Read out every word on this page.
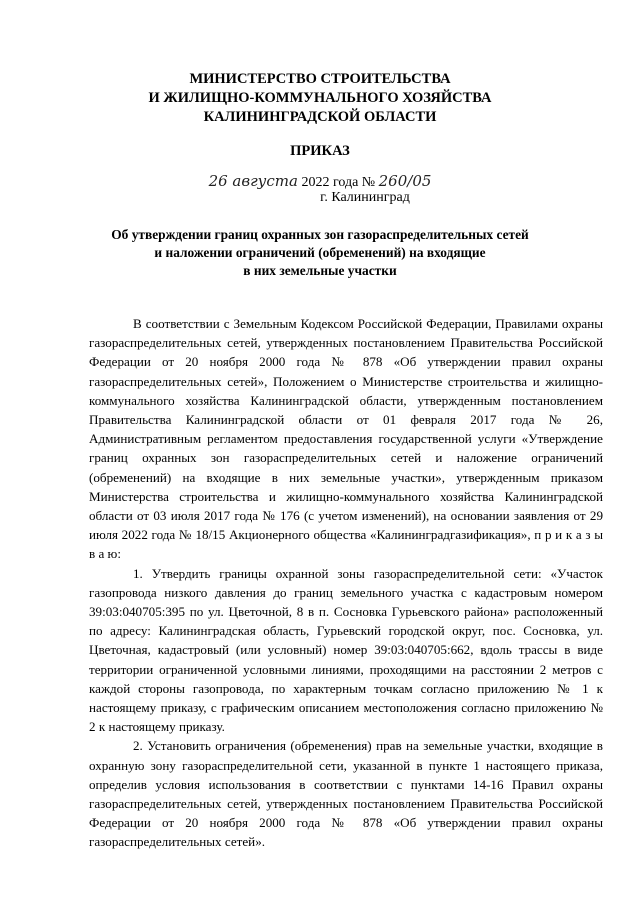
МИНИСТЕРСТВО СТРОИТЕЛЬСТВА
И ЖИЛИЩНО-КОММУНАЛЬНОГО ХОЗЯЙСТВА
КАЛИНИНГРАДСКОЙ ОБЛАСТИ
ПРИКАЗ
26 августа 2022 года № 260/05
г. Калининград
Об утверждении границ охранных зон газораспределительных сетей
и наложении ограничений (обременений) на входящие
в них земельные участки

В соответствии с Земельным Кодексом Российской Федерации, Правилами охраны газораспределительных сетей, утвержденных постановлением Правительства Российской Федерации от 20 ноября 2000 года № 878 «Об утверждении правил охраны газораспределительных сетей», Положением о Министерстве строительства и жилищно-коммунального хозяйства Калининградской области, утвержденным постановлением Правительства Калининградской области от 01 февраля 2017 года № 26, Административным регламентом предоставления государственной услуги «Утверждение границ охранных зон газораспределительных сетей и наложение ограничений (обременений) на входящие в них земельные участки», утвержденным приказом Министерства строительства и жилищно-коммунального хозяйства Калининградской области от 03 июля 2017 года № 176 (с учетом изменений), на основании заявления от 29 июля 2022 года № 18/15 Акционерного общества «Калининградгазификация», п р и к а з ы в а ю:

1. Утвердить границы охранной зоны газораспределительной сети: «Участок газопровода низкого давления до границ земельного участка с кадастровым номером 39:03:040705:395 по ул. Цветочной, 8 в п. Сосновка Гурьевского района» расположенный по адресу: Калининградская область, Гурьевский городской округ, пос. Сосновка, ул. Цветочная, кадастровый (или условный) номер 39:03:040705:662, вдоль трассы в виде территории ограниченной условными линиями, проходящими на расстоянии 2 метров с каждой стороны газопровода, по характерным точкам согласно приложению № 1 к настоящему приказу, с графическим описанием местоположения согласно приложению № 2 к настоящему приказу.

2. Установить ограничения (обременения) прав на земельные участки, входящие в охранную зону газораспределительной сети, указанной в пункте 1 настоящего приказа, определив условия использования в соответствии с пунктами 14-16 Правил охраны газораспределительных сетей, утвержденных постановлением Правительства Российской Федерации от 20 ноября 2000 года № 878 «Об утверждении правил охраны газораспределительных сетей».
